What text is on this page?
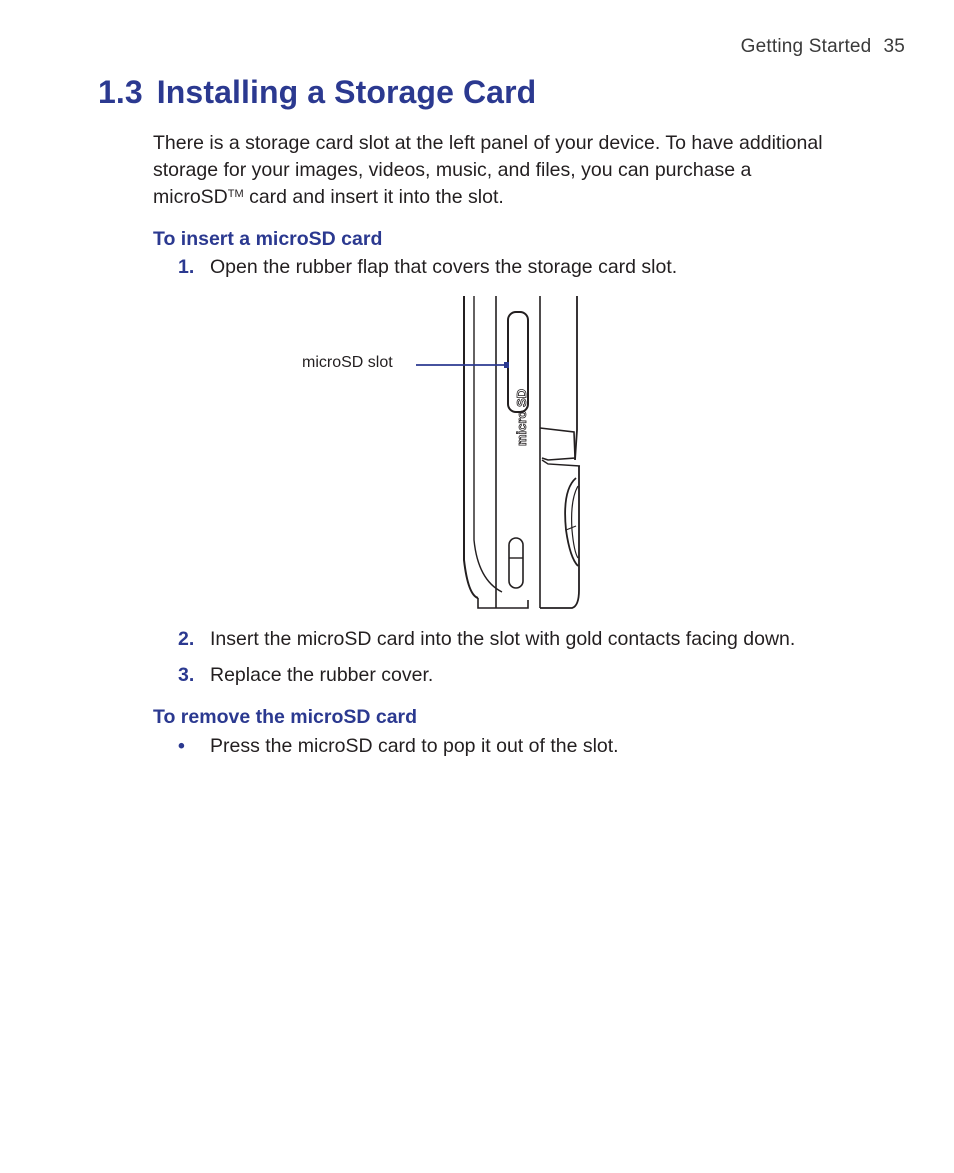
Getting Started 35
1.3 Installing a Storage Card

There is a storage card slot at the left panel of your device. To have additional storage for your images, videos, music, and files, you can purchase a microSD™ card and insert it into the slot.

To insert a microSD card
1. Open the rubber flap that covers the storage card slot.
micro SD
microSD slot
2. Insert the microSD card into the slot with gold contacts facing down.
3. Replace the rubber cover.
To remove the microSD card
• Press the microSD card to pop it out of the slot.
